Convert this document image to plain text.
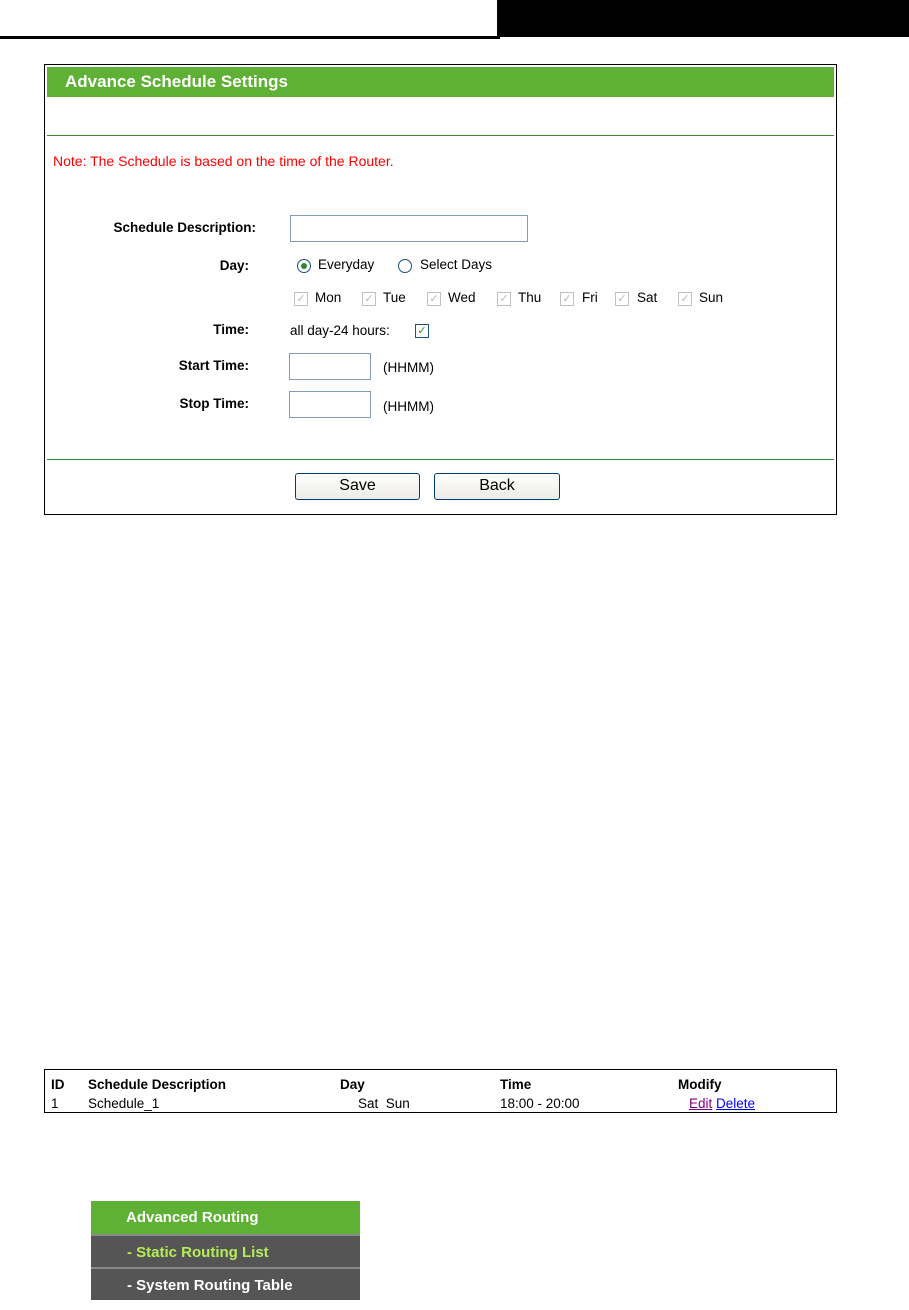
Advance Schedule Settings
Note: The Schedule is based on the time of the Router.
Schedule Description:
Day:	Everyday	Select Days
✓ Mon ✓ Tue ✓ Wed ✓ Thu ✓ Fri ✓ Sat ✓ Sun
Time:	all day-24 hours:	✓
Start Time:	(HHMM)
Stop Time:	(HHMM)
Save	Back
ID Schedule Description	Day	Time	Modify
1 Schedule_1	Sat  Sun	18:00 - 20:00	Edit Delete
Advanced Routing
- Static Routing List
- System Routing Table
